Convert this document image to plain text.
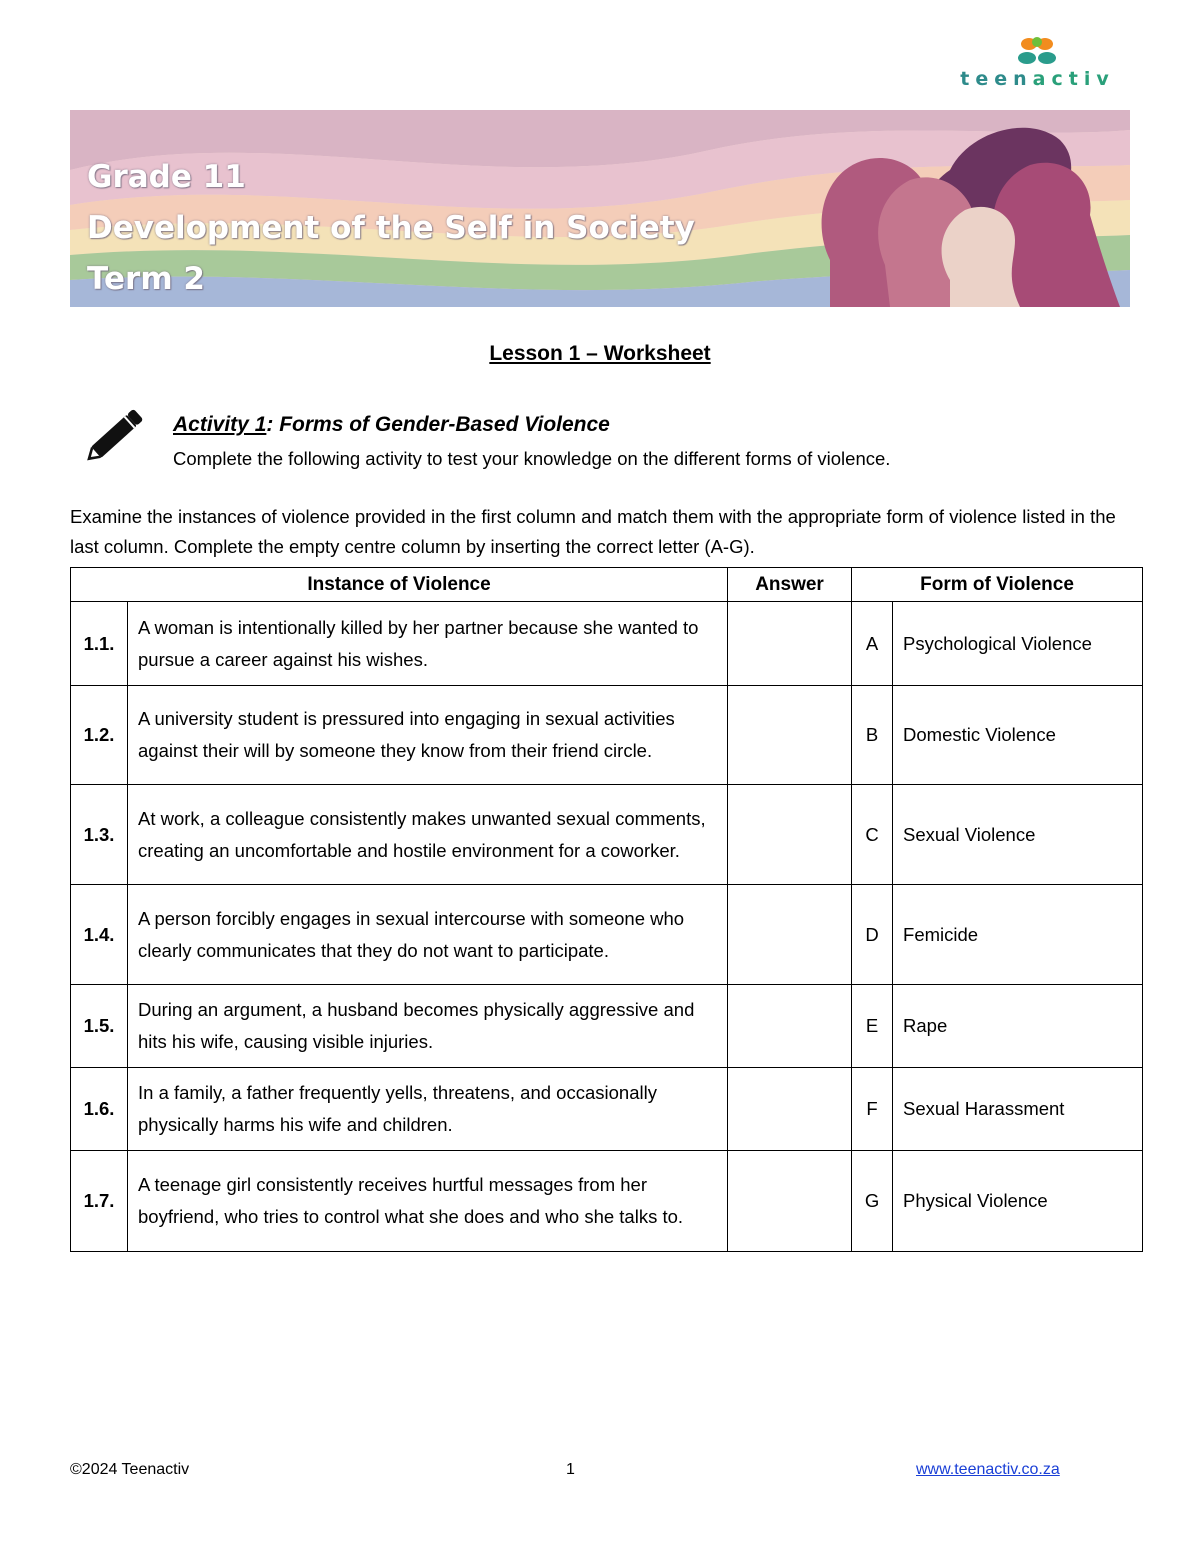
teenactiv
Grade 11
Development of the Self in Society
Term 2
Lesson 1 – Worksheet
Activity 1: Forms of Gender-Based Violence
Complete the following activity to test your knowledge on the different forms of violence.
Examine the instances of violence provided in the first column and match them with the appropriate form of violence listed in the last column. Complete the empty centre column by inserting the correct letter (A-G).
Instance of Violence		Answer	Form of Violence	
1.1.	A woman is intentionally killed by her partner because she wanted to pursue a career against his wishes.		A	Psychological Violence
1.2.	A university student is pressured into engaging in sexual activities against their will by someone they know from their friend circle.		B	Domestic Violence
1.3.	At work, a colleague consistently makes unwanted sexual comments, creating an uncomfortable and hostile environment for a coworker.		C	Sexual Violence
1.4.	A person forcibly engages in sexual intercourse with someone who clearly communicates that they do not want to participate.		D	Femicide
1.5.	During an argument, a husband becomes physically aggressive and hits his wife, causing visible injuries.		E	Rape
1.6.	In a family, a father frequently yells, threatens, and occasionally physically harms his wife and children.		F	Sexual Harassment
1.7.	A teenage girl consistently receives hurtful messages from her boyfriend, who tries to control what she does and who she talks to.		G	Physical Violence
©2024 Teenactiv	1	www.teenactiv.co.za
